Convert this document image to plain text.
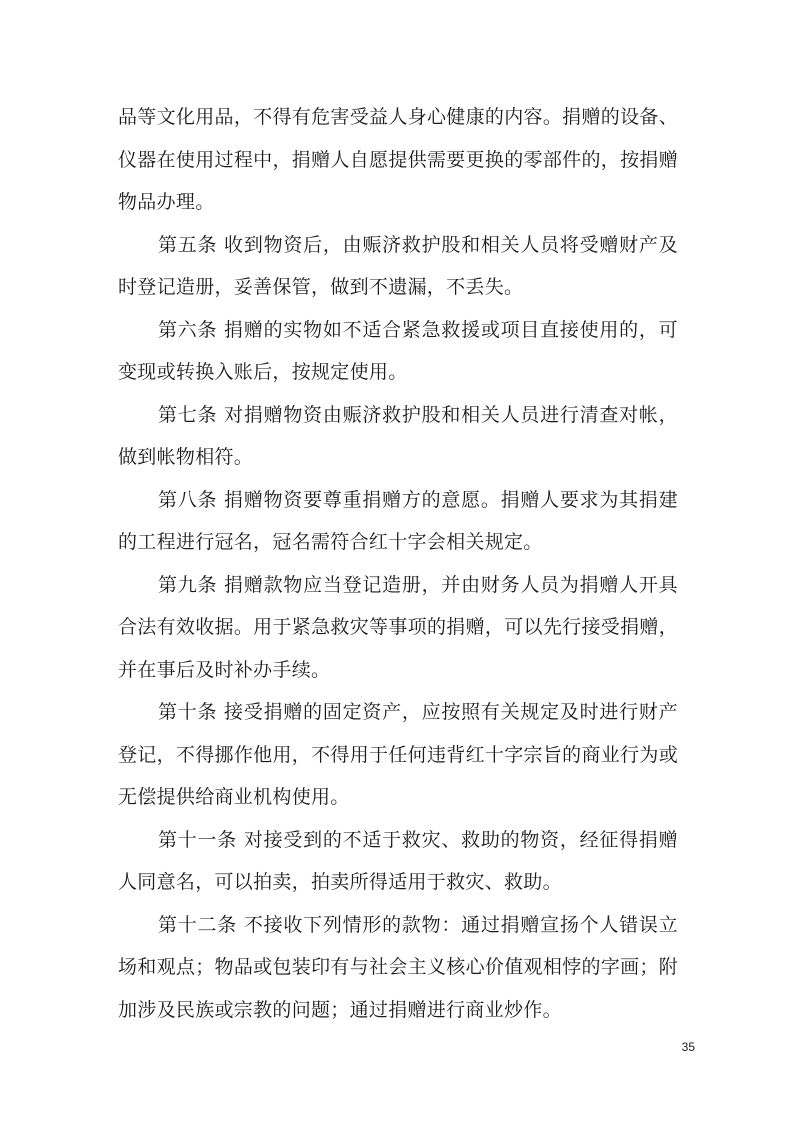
品等文化用品，不得有危害受益人身心健康的内容。捐赠的设备、仪器在使用过程中，捐赠人自愿提供需要更换的零部件的，按捐赠物品办理。

第五条 收到物资后，由赈济救护股和相关人员将受赠财产及时登记造册，妥善保管，做到不遗漏，不丢失。

第六条 捐赠的实物如不适合紧急救援或项目直接使用的，可变现或转换入账后，按规定使用。

第七条 对捐赠物资由赈济救护股和相关人员进行清查对帐，做到帐物相符。

第八条 捐赠物资要尊重捐赠方的意愿。捐赠人要求为其捐建的工程进行冠名，冠名需符合红十字会相关规定。

第九条 捐赠款物应当登记造册，并由财务人员为捐赠人开具合法有效收据。用于紧急救灾等事项的捐赠，可以先行接受捐赠，并在事后及时补办手续。

第十条 接受捐赠的固定资产，应按照有关规定及时进行财产登记，不得挪作他用，不得用于任何违背红十字宗旨的商业行为或无偿提供给商业机构使用。

第十一条 对接受到的不适于救灾、救助的物资，经征得捐赠人同意名，可以拍卖，拍卖所得适用于救灾、救助。

第十二条 不接收下列情形的款物：通过捐赠宣扬个人错误立场和观点；物品或包装印有与社会主义核心价值观相悖的字画；附加涉及民族或宗教的问题；通过捐赠进行商业炒作。

35
